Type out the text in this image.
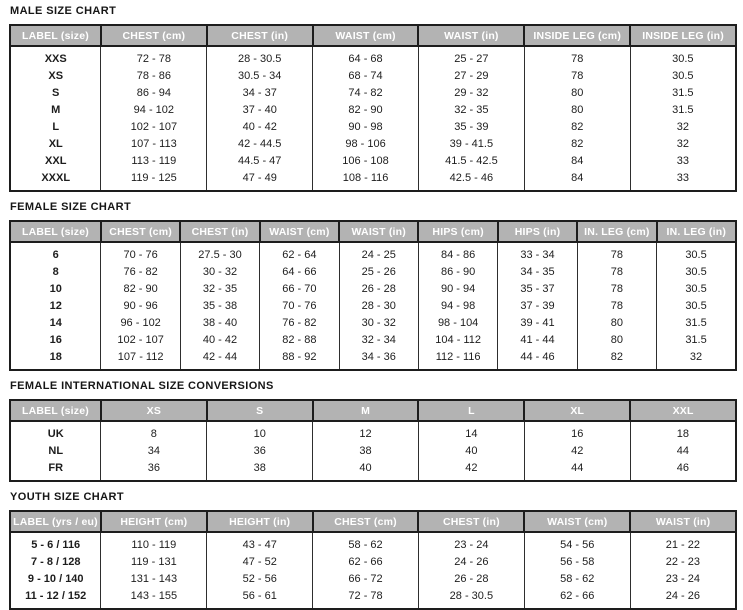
MALE SIZE CHART
LABEL (size)	CHEST (cm)	CHEST (in)	WAIST (cm)	WAIST (in)	INSIDE LEG (cm)	INSIDE LEG (in)
XXS	72 - 78	28 - 30.5	64 - 68	25 - 27	78	30.5
XS	78 - 86	30.5 - 34	68 - 74	27 - 29	78	30.5
S	86 - 94	34 - 37	74 - 82	29 - 32	80	31.5
M	94 - 102	37 - 40	82 - 90	32 - 35	80	31.5
L	102 - 107	40 - 42	90 - 98	35 - 39	82	32
XL	107 - 113	42 - 44.5	98 - 106	39 - 41.5	82	32
XXL	113 - 119	44.5 - 47	106 - 108	41.5 - 42.5	84	33
XXXL	119 - 125	47 - 49	108 - 116	42.5 - 46	84	33
FEMALE SIZE CHART
LABEL (size)	CHEST (cm)	CHEST (in)	WAIST (cm)	WAIST (in)	HIPS (cm)	HIPS (in)	IN. LEG (cm)	IN. LEG (in)
6	70 - 76	27.5 - 30	62 - 64	24 - 25	84 - 86	33 - 34	78	30.5
8	76 - 82	30 - 32	64 - 66	25 - 26	86 - 90	34 - 35	78	30.5
10	82 - 90	32 - 35	66 - 70	26 - 28	90 - 94	35 - 37	78	30.5
12	90 - 96	35 - 38	70 - 76	28 - 30	94 - 98	37 - 39	78	30.5
14	96 - 102	38 - 40	76 - 82	30 - 32	98 - 104	39 - 41	80	31.5
16	102 - 107	40 - 42	82 - 88	32 - 34	104 - 112	41 - 44	80	31.5
18	107 - 112	42 - 44	88 - 92	34 - 36	112 - 116	44 - 46	82	32
FEMALE INTERNATIONAL SIZE CONVERSIONS
LABEL (size)	XS	S	M	L	XL	XXL
UK	8	10	12	14	16	18
NL	34	36	38	40	42	44
FR	36	38	40	42	44	46
YOUTH SIZE CHART
LABEL (yrs / eu)	HEIGHT (cm)	HEIGHT (in)	CHEST (cm)	CHEST (in)	WAIST (cm)	WAIST (in)
5 - 6 / 116	110 - 119	43 - 47	58 - 62	23 - 24	54 - 56	21 - 22
7 - 8 / 128	119 - 131	47 - 52	62 - 66	24 - 26	56 - 58	22 - 23
9 - 10 / 140	131 - 143	52 - 56	66 - 72	26 - 28	58 - 62	23 - 24
11 - 12 / 152	143 - 155	56 - 61	72 - 78	28 - 30.5	62 - 66	24 - 26
